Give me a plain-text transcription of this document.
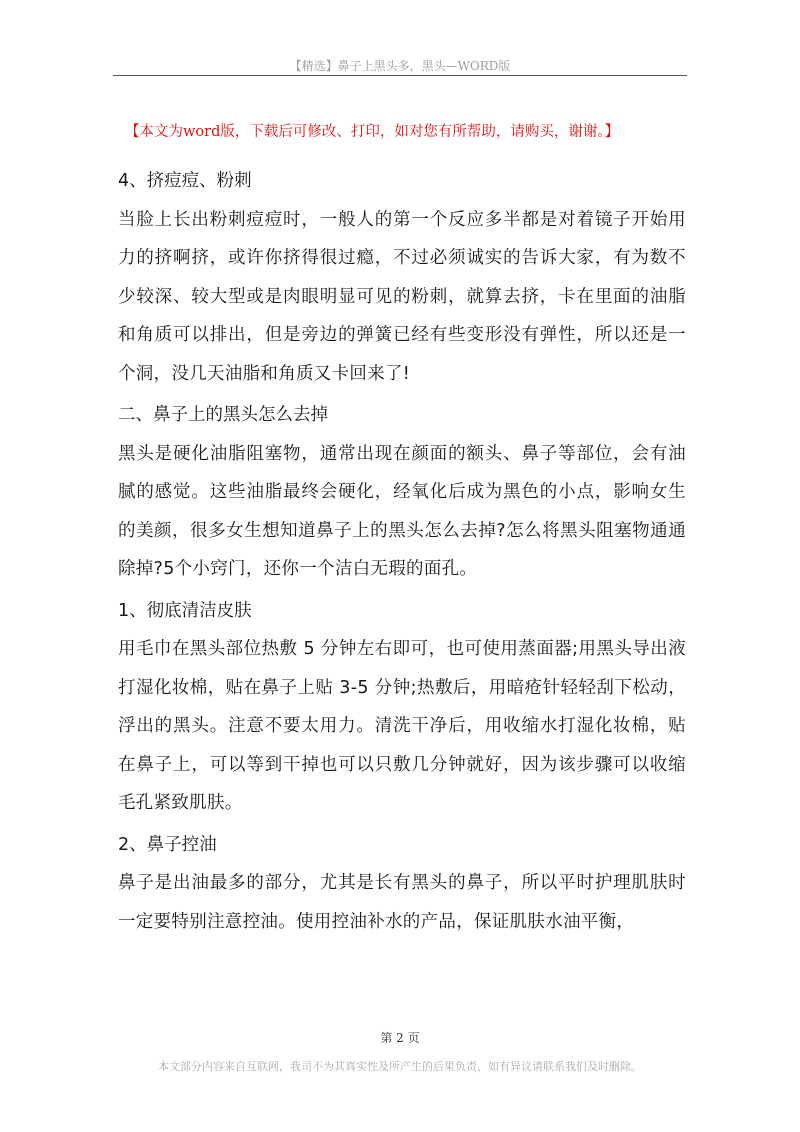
【精选】鼻子上黑头多，黑头—WORD版
【本文为word版，下载后可修改、打印，如对您有所帮助，请购买，谢谢。】

4、挤痘痘、粉刺

当脸上长出粉刺痘痘时，一般人的第一个反应多半都是对着镜子开始用力的挤啊挤，或许你挤得很过瘾，不过必须诚实的告诉大家，有为数不少较深、较大型或是肉眼明显可见的粉刺，就算去挤，卡在里面的油脂和角质可以排出，但是旁边的弹簧已经有些变形没有弹性，所以还是一个洞，没几天油脂和角质又卡回来了!

二、鼻子上的黑头怎么去掉

黑头是硬化油脂阻塞物，通常出现在颜面的额头、鼻子等部位，会有油腻的感觉。这些油脂最终会硬化，经氧化后成为黑色的小点，影响女生的美颜，很多女生想知道鼻子上的黑头怎么去掉?怎么将黑头阻塞物通通除掉?5个小窍门，还你一个洁白无瑕的面孔。

1、彻底清洁皮肤

用毛巾在黑头部位热敷 5 分钟左右即可，也可使用蒸面器;用黑头导出液打湿化妆棉，贴在鼻子上贴 3-5 分钟;热敷后，用暗疮针轻轻刮下松动，浮出的黑头。注意不要太用力。清洗干净后，用收缩水打湿化妆棉，贴在鼻子上，可以等到干掉也可以只敷几分钟就好，因为该步骤可以收缩毛孔紧致肌肤。

2、鼻子控油

鼻子是出油最多的部分，尤其是长有黑头的鼻子，所以平时护理肌肤时一定要特别注意控油。使用控油补水的产品，保证肌肤水油平衡，

第 2 页
本文部分内容来自互联网，我司不为其真实性及所产生的后果负责，如有异议请联系我们及时删除。
